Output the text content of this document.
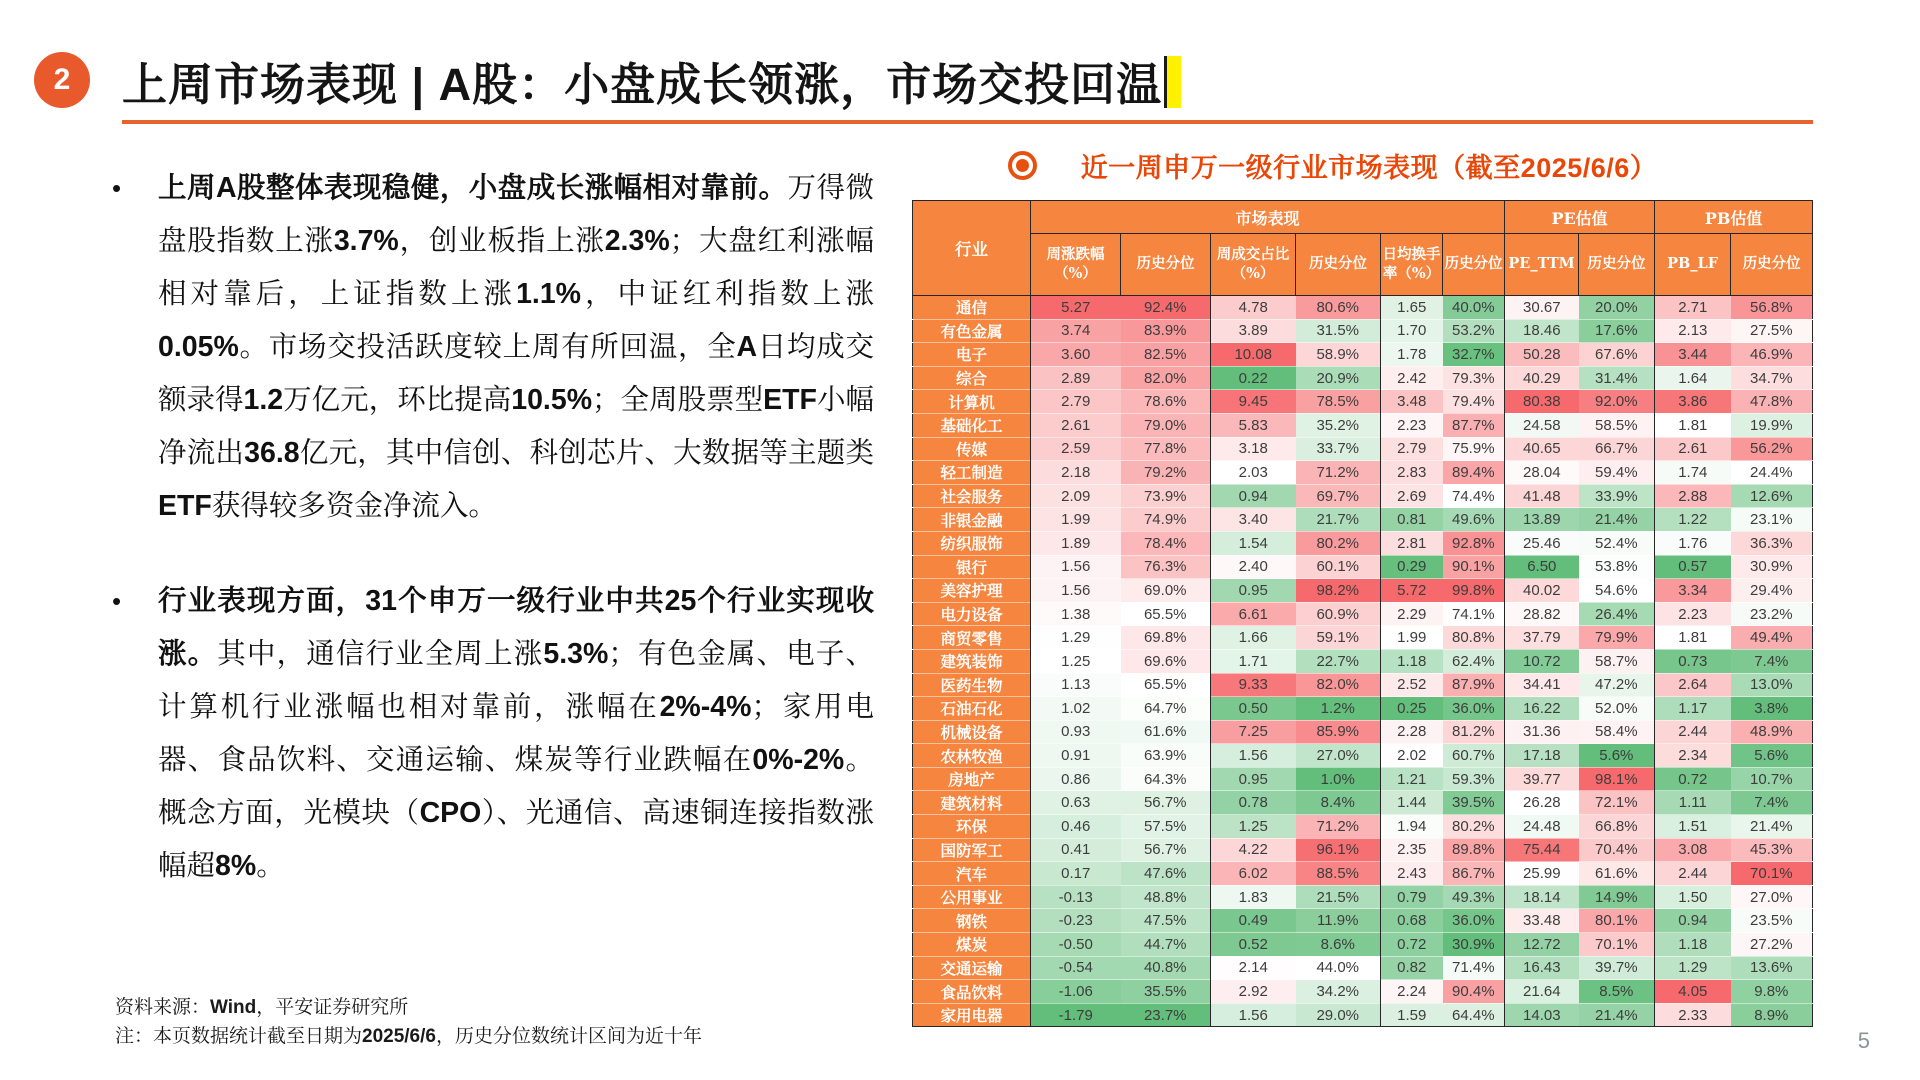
2	上周市场表现 | A股：小盘成长领涨，市场交投回温
•	上周A股整体表现稳健，小盘成长涨幅相对靠前。万得微盘股指数上涨3.7%，创业板指上涨2.3%；大盘红利涨幅相对靠后，上证指数上涨1.1%，中证红利指数上涨0.05%。市场交投活跃度较上周有所回温，全A日均成交额录得1.2万亿元，环比提高10.5%；全周股票型ETF小幅净流出36.8亿元，其中信创、科创芯片、大数据等主题类ETF获得较多资金净流入。

•	行业表现方面，31个申万一级行业中共25个行业实现收涨。其中，通信行业全周上涨5.3%；有色金属、电子、计算机行业涨幅也相对靠前，涨幅在2%-4%；家用电器、食品饮料、交通运输、煤炭等行业跌幅在0%-2%。概念方面，光模块（CPO）、光通信、高速铜连接指数涨幅超8%。

近一周申万一级行业市场表现（截至2025/6/6）
行业	市场表现						PE估值		PB估值	
	周涨跌幅（%）	历史分位	周成交占比（%）	历史分位	日均换手率（%）	历史分位	PE_TTM	历史分位	PB_LF	历史分位
通信	5.27	92.4%	4.78	80.6%	1.65	40.0%	30.67	20.0%	2.71	56.8%
有色金属	3.74	83.9%	3.89	31.5%	1.70	53.2%	18.46	17.6%	2.13	27.5%
电子	3.60	82.5%	10.08	58.9%	1.78	32.7%	50.28	67.6%	3.44	46.9%
综合	2.89	82.0%	0.22	20.9%	2.42	79.3%	40.29	31.4%	1.64	34.7%
计算机	2.79	78.6%	9.45	78.5%	3.48	79.4%	80.38	92.0%	3.86	47.8%
基础化工	2.61	79.0%	5.83	35.2%	2.23	87.7%	24.58	58.5%	1.81	19.9%
传媒	2.59	77.8%	3.18	33.7%	2.79	75.9%	40.65	66.7%	2.61	56.2%
轻工制造	2.18	79.2%	2.03	71.2%	2.83	89.4%	28.04	59.4%	1.74	24.4%
社会服务	2.09	73.9%	0.94	69.7%	2.69	74.4%	41.48	33.9%	2.88	12.6%
非银金融	1.99	74.9%	3.40	21.7%	0.81	49.6%	13.89	21.4%	1.22	23.1%
纺织服饰	1.89	78.4%	1.54	80.2%	2.81	92.8%	25.46	52.4%	1.76	36.3%
银行	1.56	76.3%	2.40	60.1%	0.29	90.1%	6.50	53.8%	0.57	30.9%
美容护理	1.56	69.0%	0.95	98.2%	5.72	99.8%	40.02	54.6%	3.34	29.4%
电力设备	1.38	65.5%	6.61	60.9%	2.29	74.1%	28.82	26.4%	2.23	23.2%
商贸零售	1.29	69.8%	1.66	59.1%	1.99	80.8%	37.79	79.9%	1.81	49.4%
建筑装饰	1.25	69.6%	1.71	22.7%	1.18	62.4%	10.72	58.7%	0.73	7.4%
医药生物	1.13	65.5%	9.33	82.0%	2.52	87.9%	34.41	47.2%	2.64	13.0%
石油石化	1.02	64.7%	0.50	1.2%	0.25	36.0%	16.22	52.0%	1.17	3.8%
机械设备	0.93	61.6%	7.25	85.9%	2.28	81.2%	31.36	58.4%	2.44	48.9%
农林牧渔	0.91	63.9%	1.56	27.0%	2.02	60.7%	17.18	5.6%	2.34	5.6%
房地产	0.86	64.3%	0.95	1.0%	1.21	59.3%	39.77	98.1%	0.72	10.7%
建筑材料	0.63	56.7%	0.78	8.4%	1.44	39.5%	26.28	72.1%	1.11	7.4%
环保	0.46	57.5%	1.25	71.2%	1.94	80.2%	24.48	66.8%	1.51	21.4%
国防军工	0.41	56.7%	4.22	96.1%	2.35	89.8%	75.44	70.4%	3.08	45.3%
汽车	0.17	47.6%	6.02	88.5%	2.43	86.7%	25.99	61.6%	2.44	70.1%
公用事业	-0.13	48.8%	1.83	21.5%	0.79	49.3%	18.14	14.9%	1.50	27.0%
钢铁	-0.23	47.5%	0.49	11.9%	0.68	36.0%	33.48	80.1%	0.94	23.5%
煤炭	-0.50	44.7%	0.52	8.6%	0.72	30.9%	12.72	70.1%	1.18	27.2%
交通运输	-0.54	40.8%	2.14	44.0%	0.82	71.4%	16.43	39.7%	1.29	13.6%
食品饮料	-1.06	35.5%	2.92	34.2%	2.24	90.4%	21.64	8.5%	4.05	9.8%
家用电器	-1.79	23.7%	1.56	29.0%	1.59	64.4%	14.03	21.4%	2.33	8.9%
资料来源：Wind，平安证券研究所
注：本页数据统计截至日期为2025/6/6，历史分位数统计区间为近十年	5
